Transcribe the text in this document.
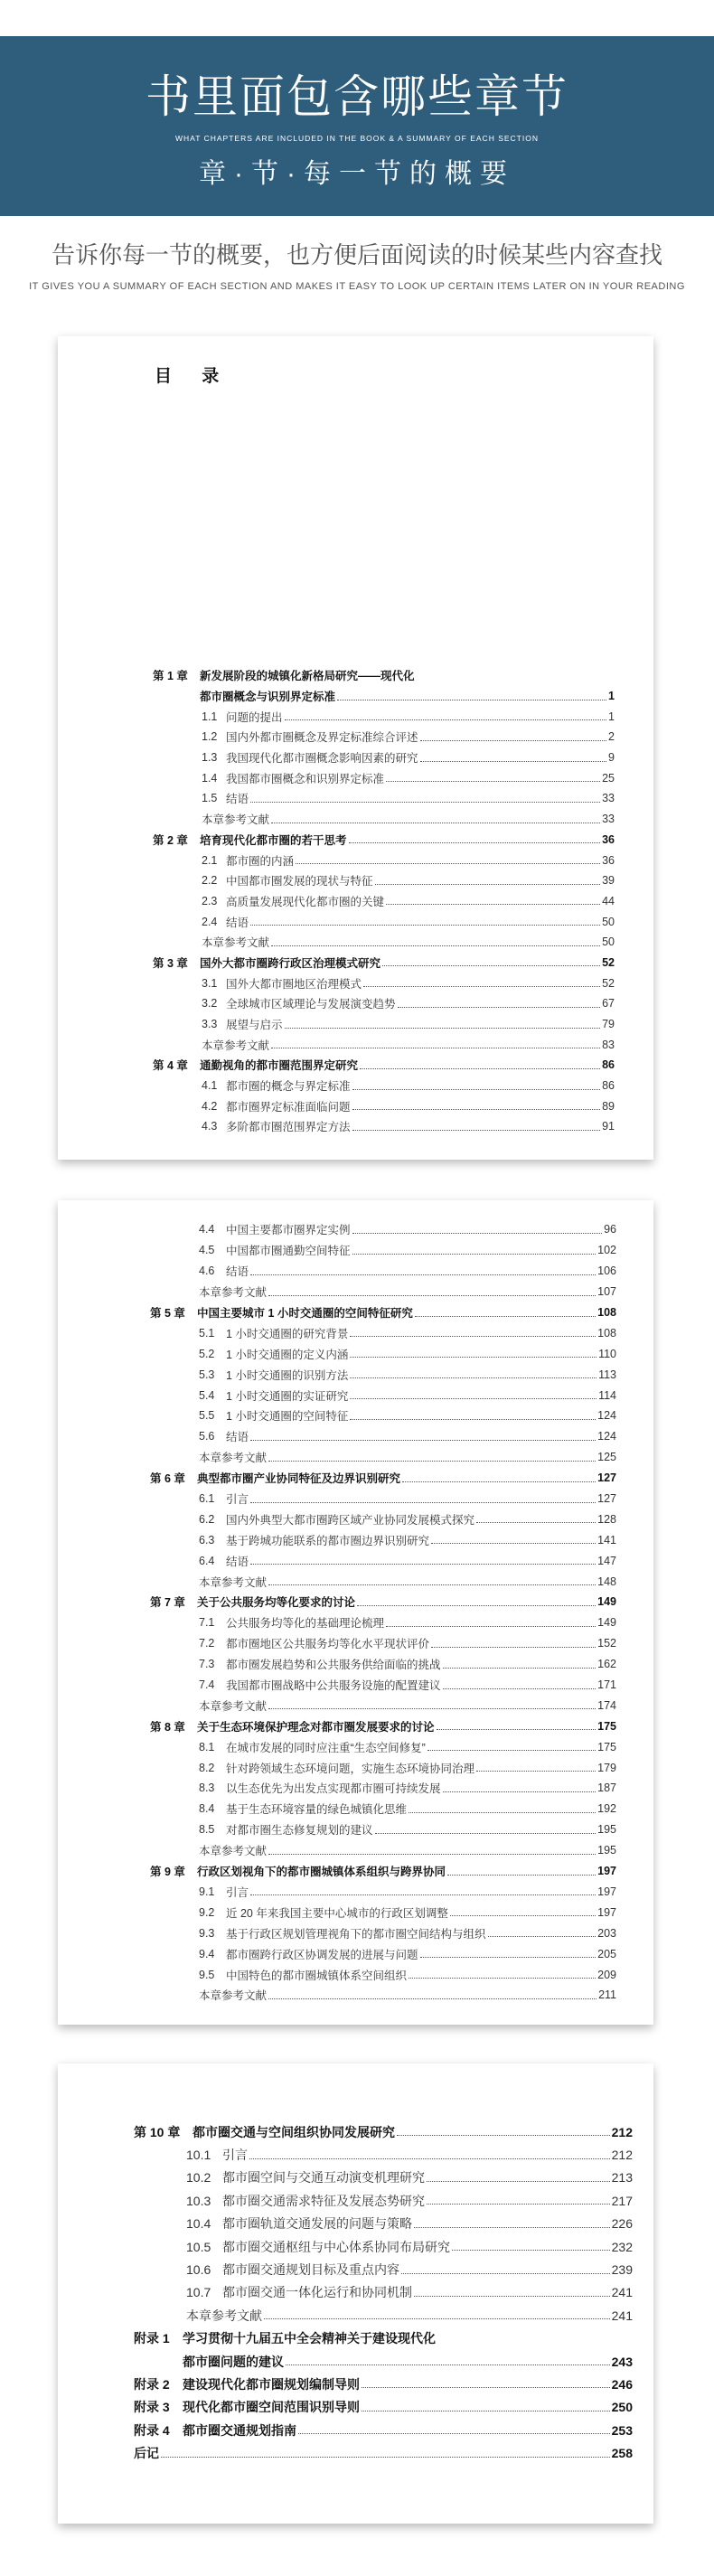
书里面包含哪些章节
WHAT CHAPTERS ARE INCLUDED IN THE BOOK & A SUMMARY OF EACH SECTION
章·节·每一节的概要
告诉你每一节的概要，也方便后面阅读的时候某些内容查找
IT GIVES YOU A SUMMARY OF EACH SECTION AND MAKES IT EASY TO LOOK UP CERTAIN ITEMS LATER ON IN YOUR READING
目 录
第 1 章	新发展阶段的城镇化新格局研究——现代化
都市圈概念与识别界定标准	1
1.1 问题的提出	1
1.2 国内外都市圈概念及界定标准综合评述	2
1.3 我国现代化都市圈概念影响因素的研究	9
1.4 我国都市圈概念和识别界定标准	25
1.5 结语	33
本章参考文献	33
第 2 章	培育现代化都市圈的若干思考	36
2.1 都市圈的内涵	36
2.2 中国都市圈发展的现状与特征	39
2.3 高质量发展现代化都市圈的关键	44
2.4 结语	50
本章参考文献	50
第 3 章	国外大都市圈跨行政区治理模式研究	52
3.1 国外大都市圈地区治理模式	52
3.2 全球城市区域理论与发展演变趋势	67
3.3 展望与启示	79
本章参考文献	83
第 4 章	通勤视角的都市圈范围界定研究	86
4.1 都市圈的概念与界定标准	86
4.2 都市圈界定标准面临问题	89
4.3 多阶都市圈范围界定方法	91
4.4	中国主要都市圈界定实例	96
4.5	中国都市圈通勤空间特征	102
4.6	结语	106
本章参考文献	107
第 5 章	中国主要城市 1 小时交通圈的空间特征研究	108
5.1	1 小时交通圈的研究背景	108
5.2	1 小时交通圈的定义内涵	110
5.3	1 小时交通圈的识别方法	113
5.4	1 小时交通圈的实证研究	114
5.5	1 小时交通圈的空间特征	124
5.6	结语	124
本章参考文献	125
第 6 章	典型都市圈产业协同特征及边界识别研究	127
6.1	引言	127
6.2	国内外典型大都市圈跨区域产业协同发展模式探究	128
6.3	基于跨城功能联系的都市圈边界识别研究	141
6.4	结语	147
本章参考文献	148
第 7 章	关于公共服务均等化要求的讨论	149
7.1	公共服务均等化的基础理论梳理	149
7.2	都市圈地区公共服务均等化水平现状评价	152
7.3	都市圈发展趋势和公共服务供给面临的挑战	162
7.4	我国都市圈战略中公共服务设施的配置建议	171
本章参考文献	174
第 8 章	关于生态环境保护理念对都市圈发展要求的讨论	175
8.1	在城市发展的同时应注重“生态空间修复”	175
8.2	针对跨领域生态环境问题，实施生态环境协同治理	179
8.3	以生态优先为出发点实现都市圈可持续发展	187
8.4	基于生态环境容量的绿色城镇化思维	192
8.5	对都市圈生态修复规划的建议	195
本章参考文献	195
第 9 章	行政区划视角下的都市圈城镇体系组织与跨界协同	197
9.1	引言	197
9.2	近 20 年来我国主要中心城市的行政区划调整	197
9.3	基于行政区规划管理视角下的都市圈空间结构与组织	203
9.4	都市圈跨行政区协调发展的进展与问题	205
9.5	中国特色的都市圈城镇体系空间组织	209
本章参考文献	211
第 10 章 都市圈交通与空间组织协同发展研究	212
10.1 引言	212
10.2 都市圈空间与交通互动演变机理研究	213
10.3 都市圈交通需求特征及发展态势研究	217
10.4 都市圈轨道交通发展的问题与策略	226
10.5 都市圈交通枢纽与中心体系协同布局研究	232
10.6 都市圈交通规划目标及重点内容	239
10.7 都市圈交通一体化运行和协同机制	241
本章参考文献	241
附录 1	学习贯彻十九届五中全会精神关于建设现代化
都市圈问题的建议	243
附录 2	建设现代化都市圈规划编制导则	246
附录 3	现代化都市圈空间范围识别导则	250
附录 4	都市圈交通规划指南	253
后记	258
